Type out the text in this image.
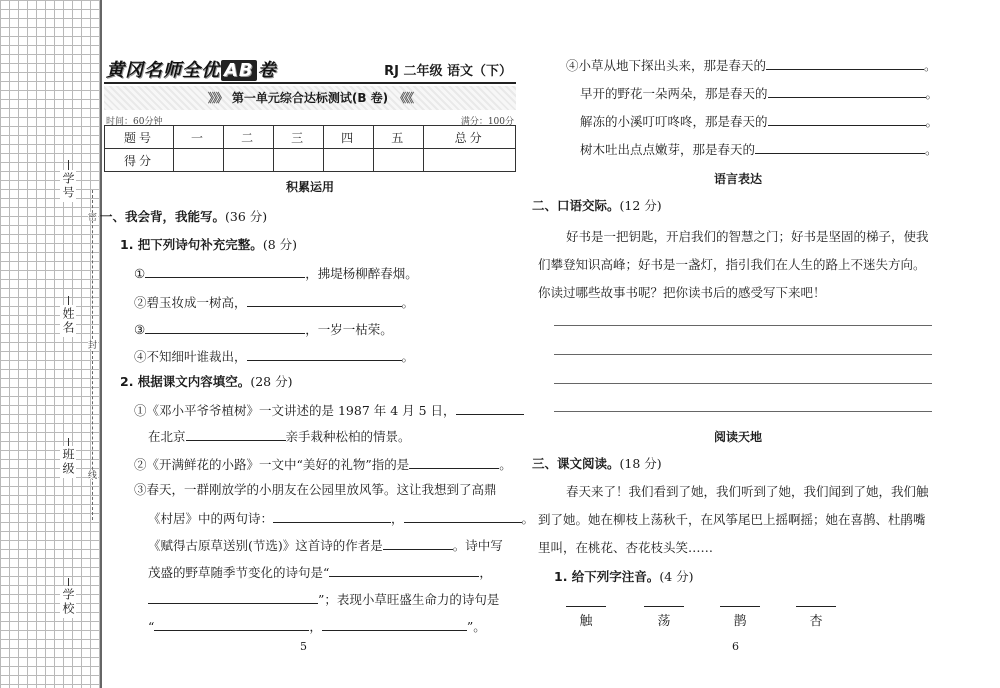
学号
姓名
班级
学校
密
封
线
黄冈名师全优 AB 卷	RJ 二年级 语文（下）
》》》 第一单元综合达标测试(B 卷) 《《《
时间：60分钟	满分：100分
题号	一	二	三	四	五	总分
得分						
积累运用
一、我会背，我能写。(36 分)
1. 把下列诗句补充完整。(8 分)
①	，拂堤杨柳醉春烟。
②碧玉妆成一树高，	。
③	，一岁一枯荣。
④不知细叶谁裁出，	。
2. 根据课文内容填空。(28 分)
①《邓小平爷爷植树》一文讲述的是 1987 年 4 月 5 日，
在北京	亲手栽种松柏的情景。
②《开满鲜花的小路》一文中“美好的礼物”指的是	。
③春天，一群刚放学的小朋友在公园里放风筝。这让我想到了高鼎
《村居》中的两句诗：	，	。
《赋得古原草送别(节选)》这首诗的作者是	。诗中写
茂盛的野草随季节变化的诗句是“	，
”；表现小草旺盛生命力的诗句是
“	，	”。
5
④小草从地下探出头来，那是春天的	。
早开的野花一朵两朵，那是春天的	。
解冻的小溪叮叮咚咚，那是春天的	。
树木吐出点点嫩芽，那是春天的	。
语言表达
二、口语交际。(12 分)
好书是一把钥匙，开启我们的智慧之门；好书是坚固的梯子，使我
们攀登知识高峰；好书是一盏灯，指引我们在人生的路上不迷失方向。
你读过哪些故事书呢？把你读书后的感受写下来吧！
阅读天地
三、课文阅读。(18 分)
春天来了！我们看到了她，我们听到了她，我们闻到了她，我们触
到了她。她在柳枝上荡秋千，在风筝尾巴上摇啊摇；她在喜鹊、杜鹃嘴
里叫，在桃花、杏花枝头笑……
1. 给下列字注音。(4 分)
触	荡	鹊	杏
6
